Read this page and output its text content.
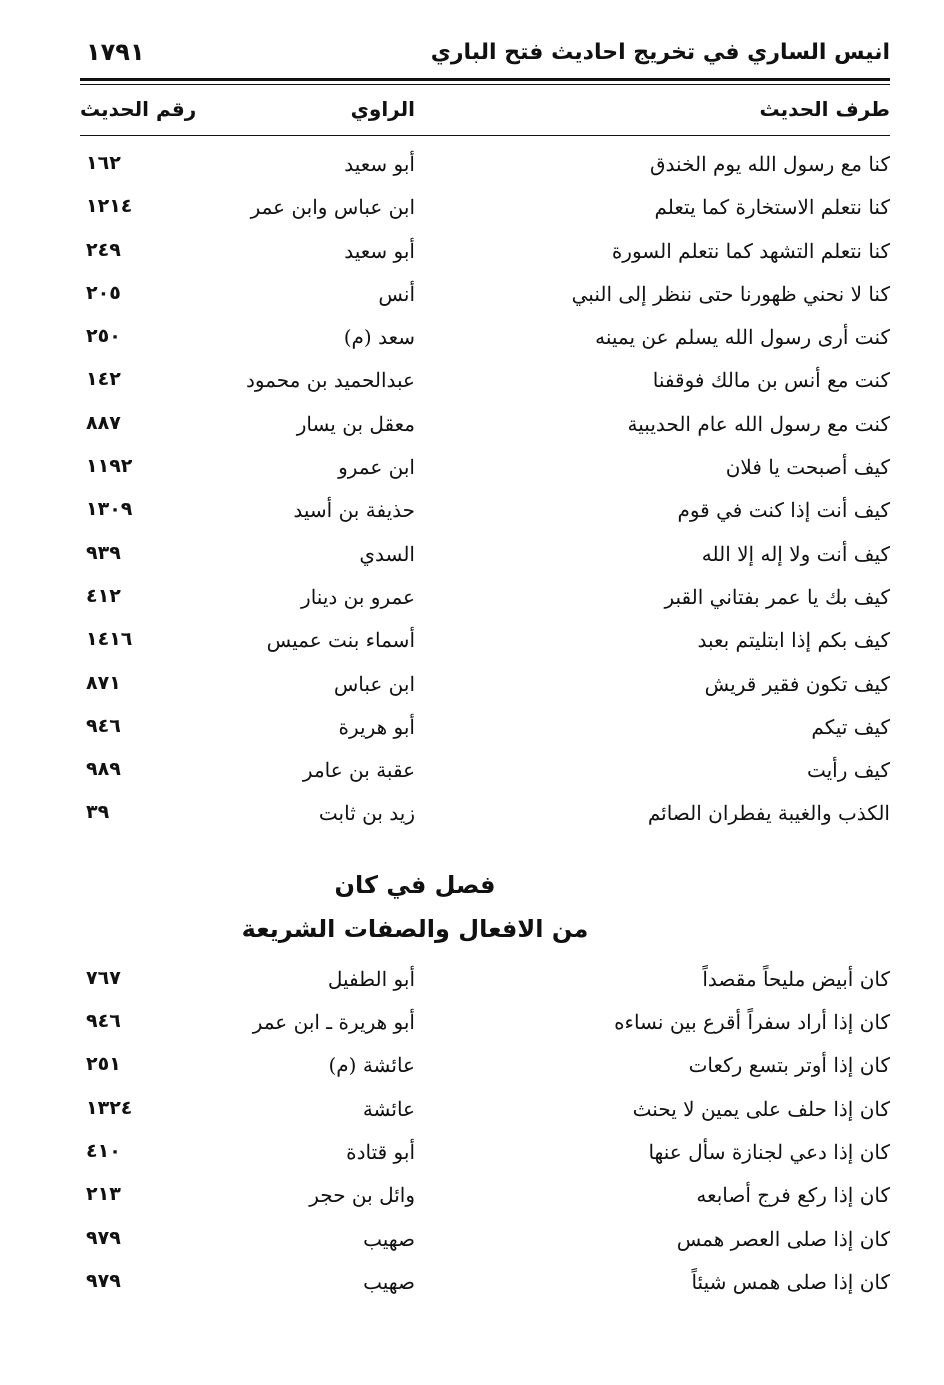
انيس الساري في تخريج احاديث فتح الباري
١٧٩١
طرف الحديث
الراوي
رقم الحديث
كنا مع رسول الله يوم الخندق
أبو سعيد
١٦٢
كنا نتعلم الاستخارة كما يتعلم
ابن عباس وابن عمر
١٢١٤
كنا نتعلم التشهد كما نتعلم السورة
أبو سعيد
٢٤٩
كنا لا نحني ظهورنا حتى ننظر إلى النبي
أنس
٢٠٥
كنت أرى رسول الله يسلم عن يمينه
سعد (م)
٢٥٠
كنت مع أنس بن مالك فوقفنا
عبدالحميد بن محمود
١٤٢
كنت مع رسول الله عام الحديبية
معقل بن يسار
٨٨٧
كيف أصبحت يا فلان
ابن عمرو
١١٩٢
كيف أنت إذا كنت في قوم
حذيفة بن أسيد
١٣٠٩
كيف أنت ولا إله إلا الله
السدي
٩٣٩
كيف بك يا عمر بفتاني القبر
عمرو بن دينار
٤١٢
كيف بكم إذا ابتليتم بعبد
أسماء بنت عميس
١٤١٦
كيف تكون فقير قريش
ابن عباس
٨٧١
كيف تيكم
أبو هريرة
٩٤٦
كيف رأيت
عقبة بن عامر
٩٨٩
الكذب والغيبة يفطران الصائم
زيد بن ثابت
٣٩
فصل في كان
من الافعال والصفات الشريعة
كان أبيض مليحاً مقصداً
أبو الطفيل
٧٦٧
كان إذا أراد سفراً أقرع بين نساءه
أبو هريرة ـ ابن عمر
٩٤٦
كان إذا أوتر بتسع ركعات
عائشة (م)
٢٥١
كان إذا حلف على يمين لا يحنث
عائشة
١٣٢٤
كان إذا دعي لجنازة سأل عنها
أبو قتادة
٤١٠
كان إذا ركع فرج أصابعه
وائل بن حجر
٢١٣
كان إذا صلى العصر همس
صهيب
٩٧٩
كان إذا صلى همس شيئاً
صهيب
٩٧٩
